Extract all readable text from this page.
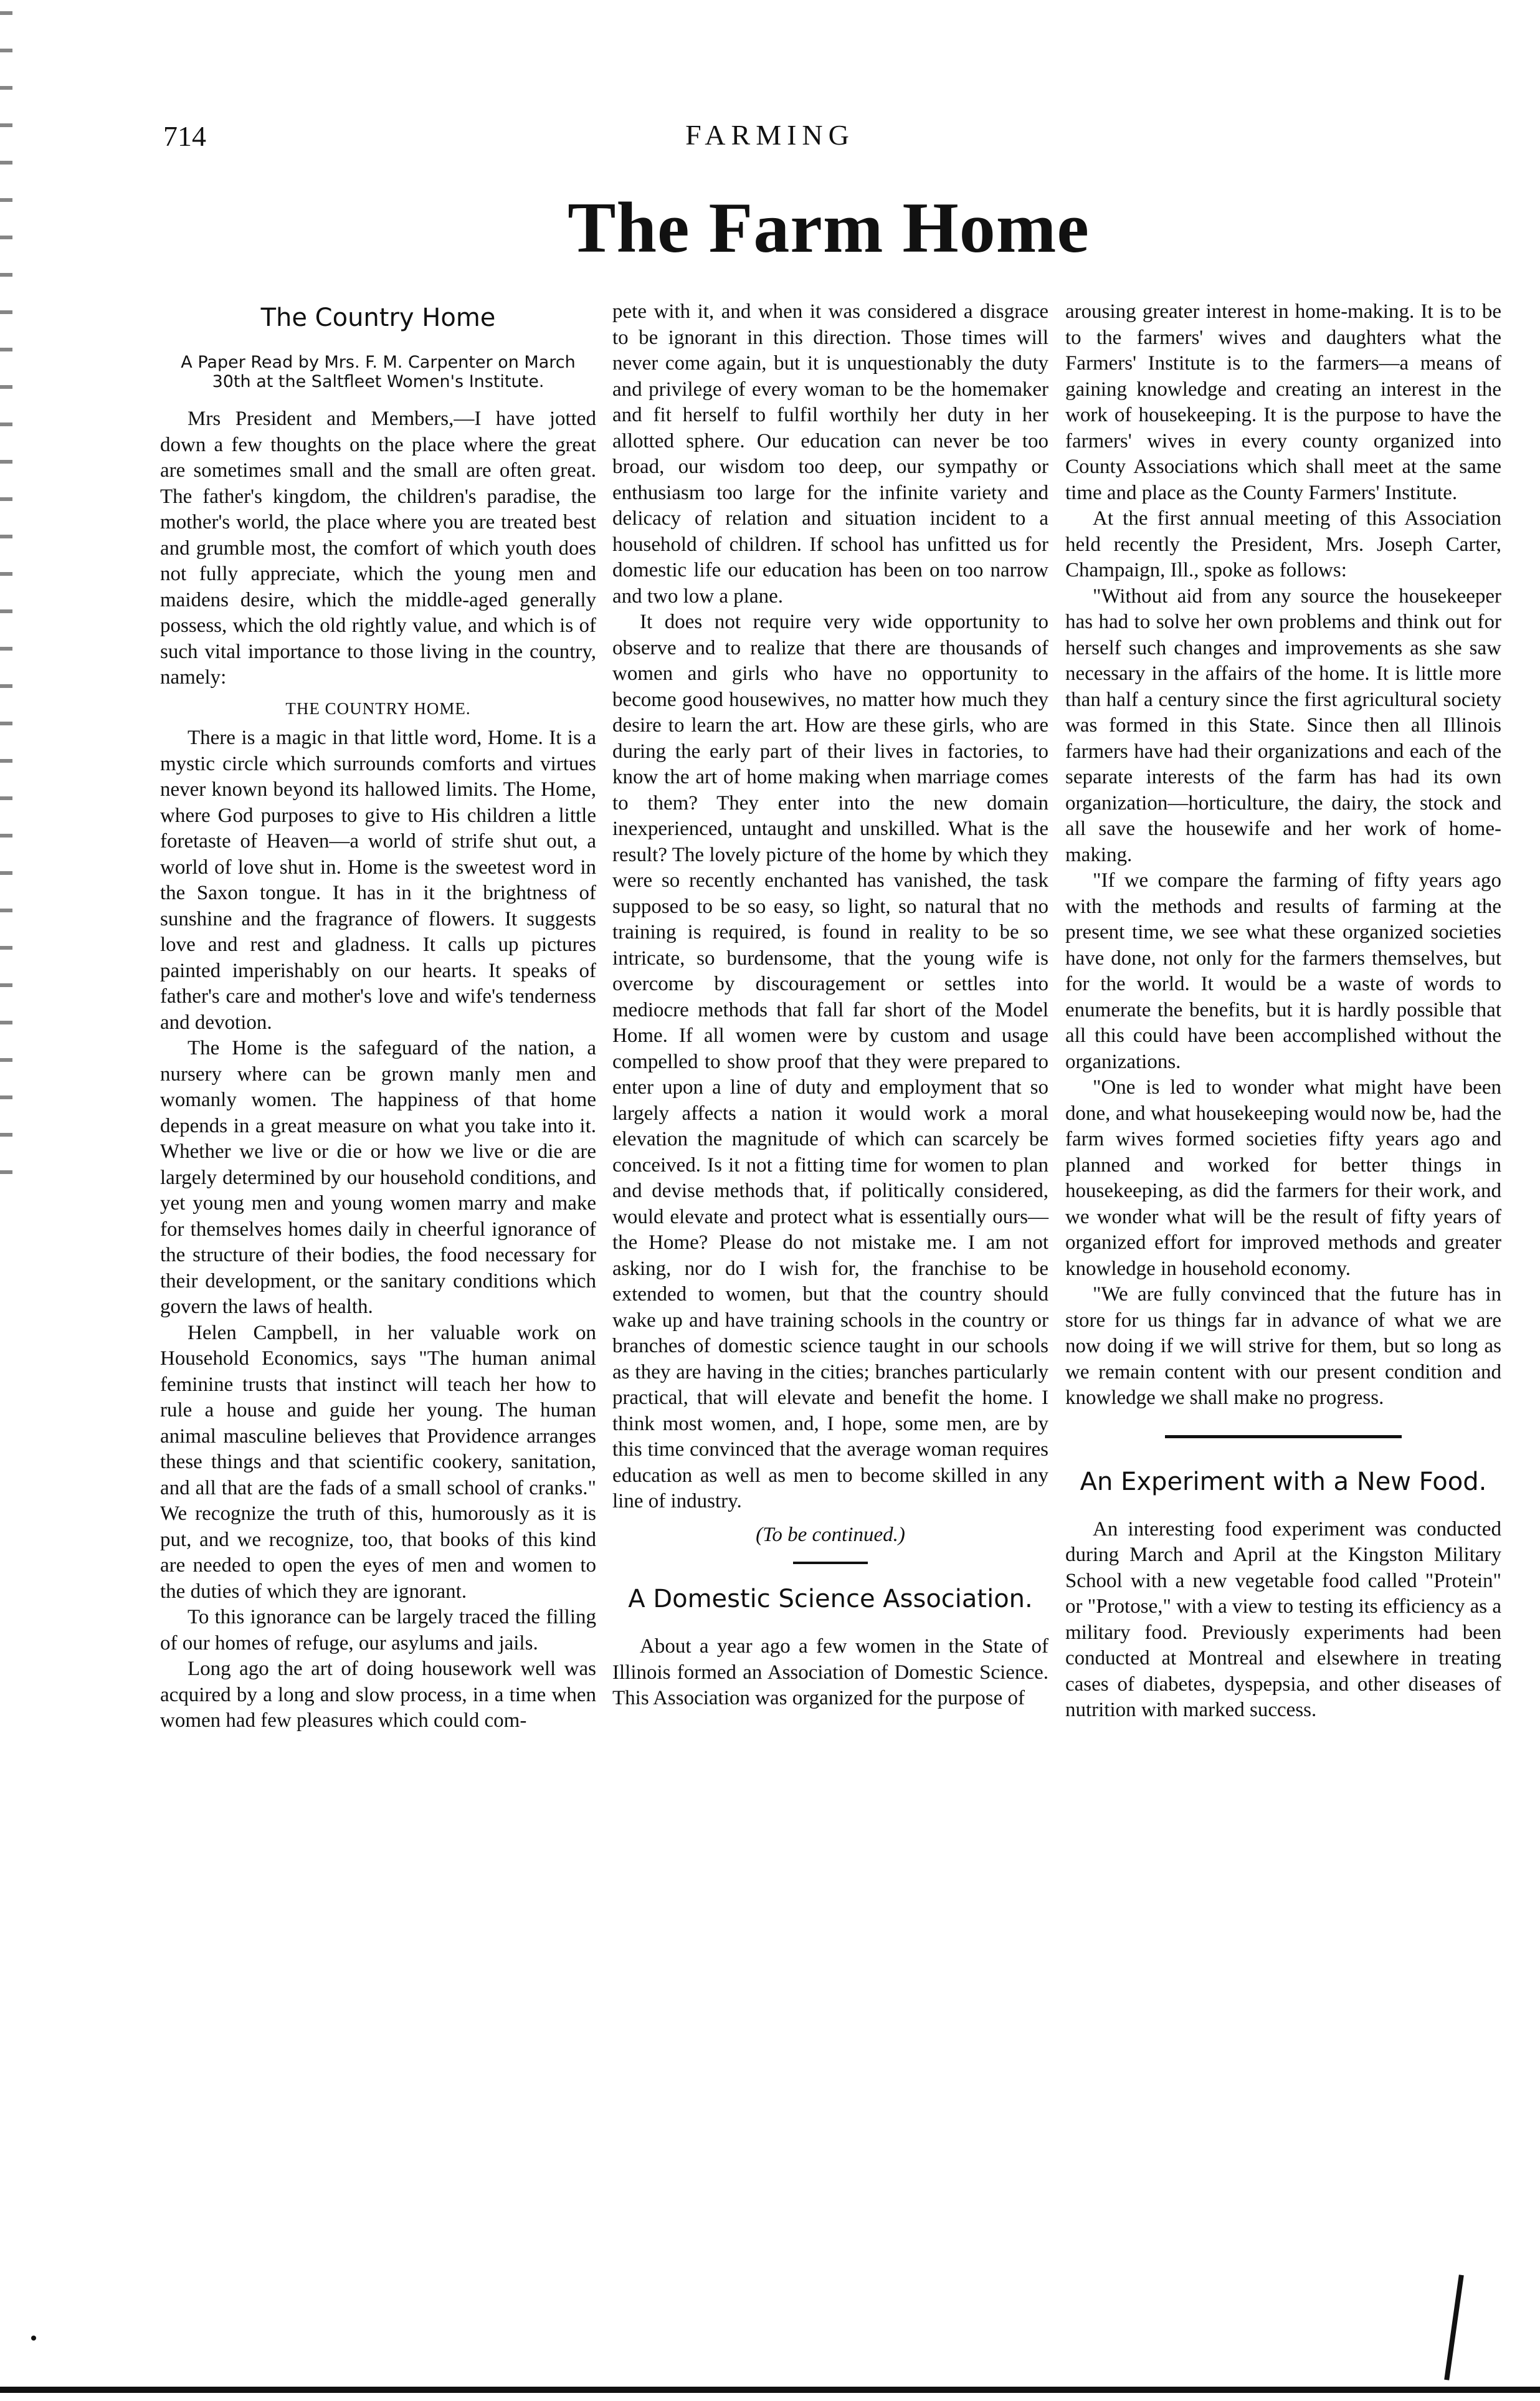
714	FARMING
The Farm Home
The Country Home
A Paper Read by Mrs. F. M. Carpenter on March 30th at the Saltfleet Women's Institute.

Mrs President and Members,—I have jotted down a few thoughts on the place where the great are sometimes small and the small are often great. The father's kingdom, the children's paradise, the mother's world, the place where you are treated best and grumble most, the comfort of which youth does not fully appreciate, which the young men and maidens desire, which the middle-aged generally possess, which the old rightly value, and which is of such vital importance to those living in the country, namely:

THE COUNTRY HOME.

There is a magic in that little word, Home. It is a mystic circle which surrounds comforts and virtues never known beyond its hallowed limits. The Home, where God purposes to give to His children a little foretaste of Heaven—a world of strife shut out, a world of love shut in. Home is the sweetest word in the Saxon tongue. It has in it the brightness of sunshine and the fragrance of flowers. It suggests love and rest and gladness. It calls up pictures painted imperishably on our hearts. It speaks of father's care and mother's love and wife's tenderness and devotion.

The Home is the safeguard of the nation, a nursery where can be grown manly men and womanly women. The happiness of that home depends in a great measure on what you take into it. Whether we live or die or how we live or die are largely determined by our household conditions, and yet young men and young women marry and make for themselves homes daily in cheerful ignorance of the structure of their bodies, the food necessary for their development, or the sanitary conditions which govern the laws of health.

Helen Campbell, in her valuable work on Household Economics, says "The human animal feminine trusts that instinct will teach her how to rule a house and guide her young. The human animal masculine believes that Providence arranges these things and that scientific cookery, sanitation, and all that are the fads of a small school of cranks." We recognize the truth of this, humorously as it is put, and we recognize, too, that books of this kind are needed to open the eyes of men and women to the duties of which they are ignorant.

To this ignorance can be largely traced the filling of our homes of refuge, our asylums and jails.

Long ago the art of doing housework well was acquired by a long and slow process, in a time when women had few pleasures which could com-

pete with it, and when it was considered a disgrace to be ignorant in this direction. Those times will never come again, but it is unquestionably the duty and privilege of every woman to be the homemaker and fit herself to fulfil worthily her duty in her allotted sphere. Our education can never be too broad, our wisdom too deep, our sympathy or enthusiasm too large for the infinite variety and delicacy of relation and situation incident to a household of children. If school has unfitted us for domestic life our education has been on too narrow and two low a plane.

It does not require very wide opportunity to observe and to realize that there are thousands of women and girls who have no opportunity to become good housewives, no matter how much they desire to learn the art. How are these girls, who are during the early part of their lives in factories, to know the art of home making when marriage comes to them? They enter into the new domain inexperienced, untaught and unskilled. What is the result? The lovely picture of the home by which they were so recently enchanted has vanished, the task supposed to be so easy, so light, so natural that no training is required, is found in reality to be so intricate, so burdensome, that the young wife is overcome by discouragement or settles into mediocre methods that fall far short of the Model Home. If all women were by custom and usage compelled to show proof that they were prepared to enter upon a line of duty and employment that so largely affects a nation it would work a moral elevation the magnitude of which can scarcely be conceived. Is it not a fitting time for women to plan and devise methods that, if politically considered, would elevate and protect what is essentially ours—the Home? Please do not mistake me. I am not asking, nor do I wish for, the franchise to be extended to women, but that the country should wake up and have training schools in the country or branches of domestic science taught in our schools as they are having in the cities; branches particularly practical, that will elevate and benefit the home. I think most women, and, I hope, some men, are by this time convinced that the average woman requires education as well as men to become skilled in any line of industry.

(To be continued.)
A Domestic Science Association.

About a year ago a few women in the State of Illinois formed an Association of Domestic Science. This Association was organized for the purpose of

arousing greater interest in home-making. It is to be to the farmers' wives and daughters what the Farmers' Institute is to the farmers—a means of gaining knowledge and creating an interest in the work of housekeeping. It is the purpose to have the farmers' wives in every county organized into County Associations which shall meet at the same time and place as the County Farmers' Institute.

At the first annual meeting of this Association held recently the President, Mrs. Joseph Carter, Champaign, Ill., spoke as follows:

"Without aid from any source the housekeeper has had to solve her own problems and think out for herself such changes and improvements as she saw necessary in the affairs of the home. It is little more than half a century since the first agricultural society was formed in this State. Since then all Illinois farmers have had their organizations and each of the separate interests of the farm has had its own organization—horticulture, the dairy, the stock and all save the housewife and her work of home-making.

"If we compare the farming of fifty years ago with the methods and results of farming at the present time, we see what these organized societies have done, not only for the farmers themselves, but for the world. It would be a waste of words to enumerate the benefits, but it is hardly possible that all this could have been accomplished without the organizations.

"One is led to wonder what might have been done, and what housekeeping would now be, had the farm wives formed societies fifty years ago and planned and worked for better things in housekeeping, as did the farmers for their work, and we wonder what will be the result of fifty years of organized effort for improved methods and greater knowledge in household economy.

"We are fully convinced that the future has in store for us things far in advance of what we are now doing if we will strive for them, but so long as we remain content with our present condition and knowledge we shall make no progress.

An Experiment with a New Food.

An interesting food experiment was conducted during March and April at the Kingston Military School with a new vegetable food called "Protein" or "Protose," with a view to testing its efficiency as a military food. Previously experiments had been conducted at Montreal and elsewhere in treating cases of diabetes, dyspepsia, and other diseases of nutrition with marked success.
